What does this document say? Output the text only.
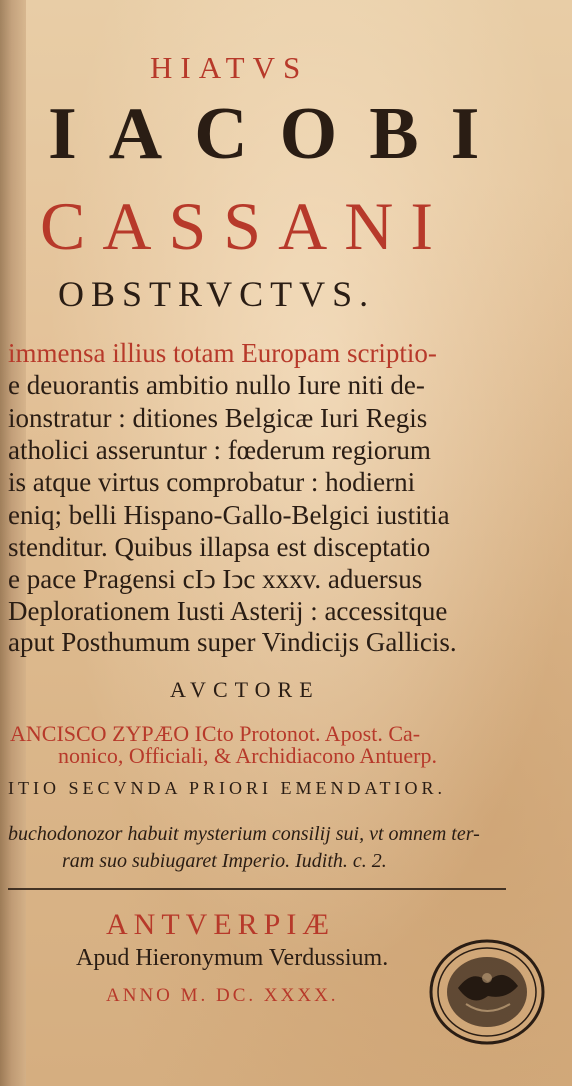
HIATVS
IACOBI
CASSANI
OBSTRVCTVS.
immensa illius totam Europam scriptio-
e deuorantis ambitio nullo Iure niti de-
ionstratur : ditiones Belgicæ Iuri Regis
atholici asseruntur : fœderum regiorum
is atque virtus comprobatur : hodierni
eniq; belli Hispano-Gallo-Belgici iustitia
stenditur. Quibus illapsa est disceptatio
e pace Pragensi cIↄ Iↄc xxxv. aduersus
Deplorationem Iusti Asterij : accessitque
aput Posthumum super Vindicijs Gallicis.
AVCTORE
ANCISCO ZYPÆO ICto Protonot. Apost. Ca-
nonico, Officiali, & Archidiacono Antuerp.
ITIO SECVNDA PRIORI EMENDATIOR.
buchodonozor habuit mysterium consilij sui, vt omnem ter-
ram suo subiugaret Imperio. Iudith. c. 2.
ANTVERPIÆ
Apud Hieronymum Verdussium.
ANNO M. DC. XXXX.
